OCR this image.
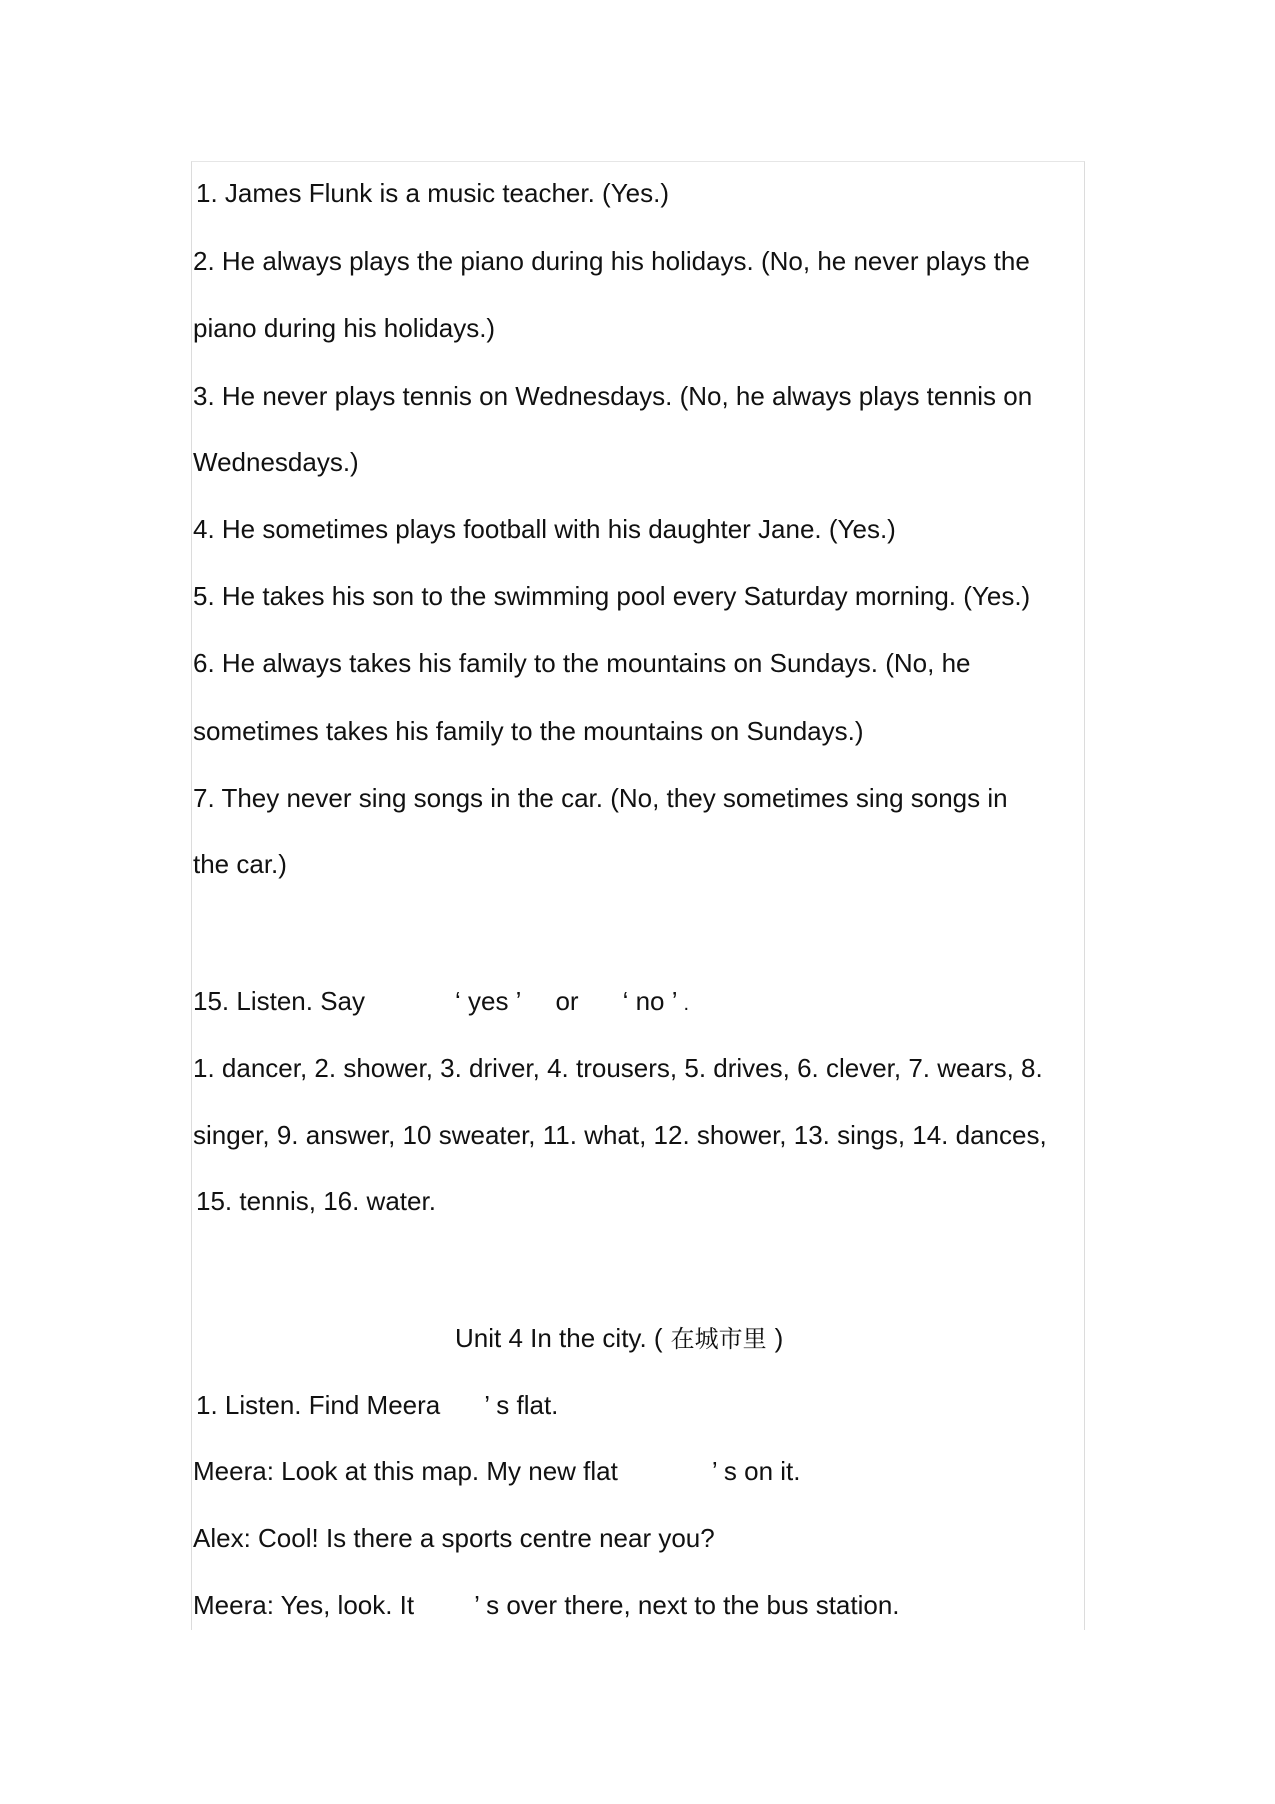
1. James Flunk is a music teacher. (Yes.)
2. He always plays the piano during his holidays. (No, he never plays the
piano during his holidays.)
3. He never plays tennis on Wednesdays. (No, he always plays tennis on
Wednesdays.)
4. He sometimes plays football with his daughter Jane. (Yes.)
5. He takes his son to the swimming pool every Saturday morning. (Yes.)
6. He always takes his family to the mountains on Sundays. (No, he
sometimes takes his family to the mountains on Sundays.)
7. They never sing songs in the car. (No, they sometimes sing songs in
the car.)
15. Listen. Say	‘ yes ’ or ‘ no ’ .
1. dancer, 2. shower, 3. driver, 4. trousers, 5. drives, 6. clever, 7. wears, 8.
singer, 9. answer, 10 sweater, 11. what, 12. shower, 13. sings, 14. dances,
15. tennis, 16. water.
Unit 4 In the city. ( 在城市里 )
1. Listen. Find Meera ’ s flat.
Meera: Look at this map. My new flat	’ s on it.
Alex: Cool! Is there a sports centre near you?
Meera: Yes, look. It ’ s over there, next to the bus station.
